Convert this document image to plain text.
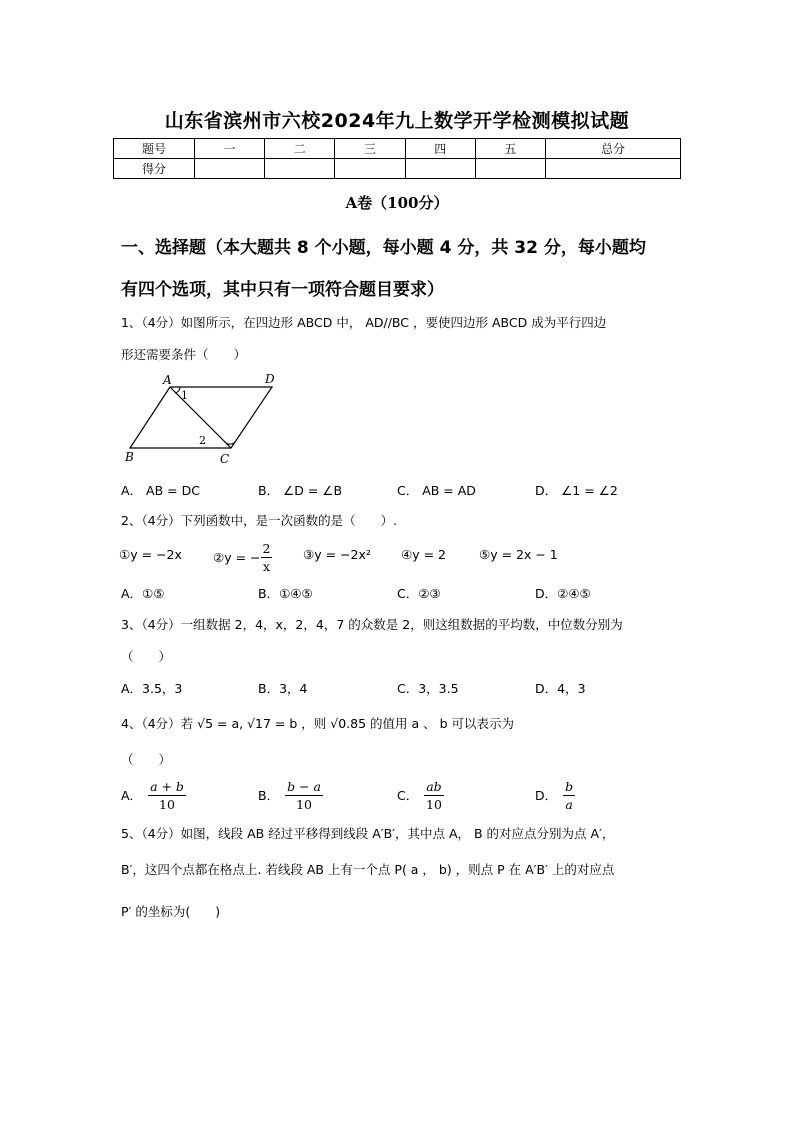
山东省滨州市六校2024年九上数学开学检测模拟试题
题号	一	二	三	四	五	总分
得分						
A卷（100分）
一、选择题（本大题共 8 个小题，每小题 4 分，共 32 分，每小题均
有四个选项，其中只有一项符合题目要求）
1、（4分）如图所示，在四边形 ABCD 中， AD//BC ，要使四边形 ABCD 成为平行四边
形还需要条件（　　）
A	D
B	C
1
2
A． AB = DC	B． ∠D = ∠B	C． AB = AD	D． ∠1 = ∠2
2、（4分）下列函数中，是一次函数的是（　　）.
①y = −2x ②y = − $\frac{2}{x}$ ③y = −2x² ④y = 2	⑤y = 2x − 1
A．①⑤	B．①④⑤	C．②③	D．②④⑤
3、（4分）一组数据 2，4，x，2，4，7 的众数是 2，则这组数据的平均数，中位数分别为
（　　）
A．3.5，3	B．3，4	C．3，3.5	D．4，3
4、（4分）若 √5 = a, √17 = b ，则 √0.85 的值用 a 、 b 可以表示为
（　　）
A． $\frac{a + b}{10}$	B． $\frac{b - a}{10}$	C． $\frac{ab}{10}$	D． $\frac{b}{a}$
5、（4分）如图，线段 AB 经过平移得到线段 A′B′，其中点 A， B 的对应点分别为点 A′，
B′，这四个点都在格点上. 若线段 AB 上有一个点 P( a ， b) ，则点 P 在 A′B′ 上的对应点
P′ 的坐标为(　　)
